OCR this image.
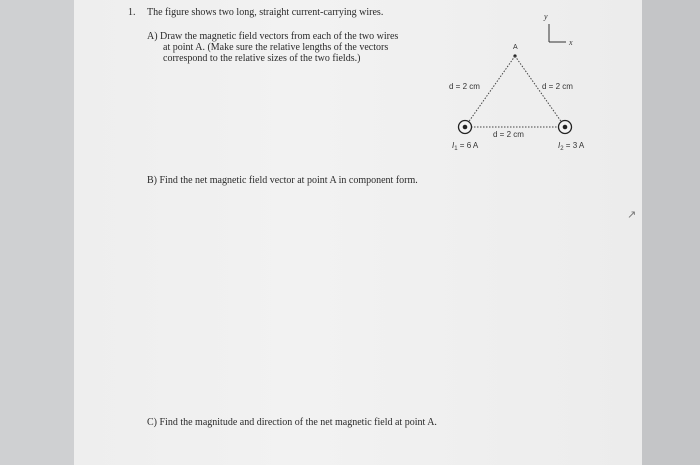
1. The figure shows two long, straight current-carrying wires.
A) Draw the magnetic field vectors from each of the two wires
at point A. (Make sure the relative lengths of the vectors
correspond to the relative sizes of the two fields.)
B) Find the net magnetic field vector at point A in component form.
C) Find the magnitude and direction of the net magnetic field at point A.
y
x
A
d = 2 cm	d = 2 cm
d = 2 cm
$I_1 = 6$ A	$I_2 = 3$ A
↗
